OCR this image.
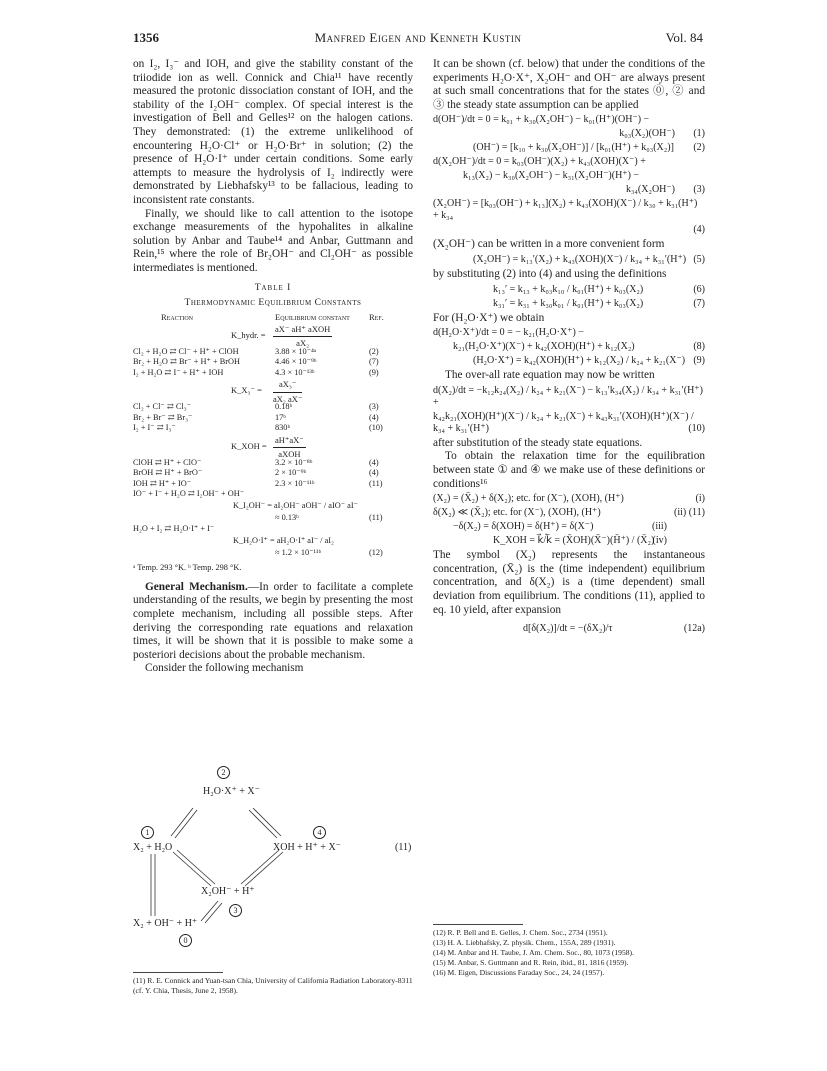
1356	Manfred Eigen and Kenneth Kustin	Vol. 84

on I₂, I₃⁻ and IOH, and give the stability constant of the triiodide ion as well. Connick and Chia¹¹ have recently measured the protonic dissociation constant of IOH, and the stability of the I₂OH⁻ complex. Of special interest is the investigation of Bell and Gelles¹² on the halogen cations. They demonstrated: (1) the extreme unlikelihood of encountering H₂O·Cl⁺ or H₂O·Br⁺ in solution; (2) the presence of H₂O·I⁺ under certain conditions. Some early attempts to measure the hydrolysis of I₂ indirectly were demonstrated by Liebhafsky¹³ to be fallacious, leading to inconsistent rate constants.

Finally, we should like to call attention to the isotope exchange measurements of the hypohalites in alkaline solution by Anbar and Taube¹⁴ and Anbar, Guttmann and Rein,¹⁵ where the role of Br₂OH⁻ and Cl₂OH⁻ as possible intermediates is mentioned.

Table I
Thermodynamic Equilibrium Constants
Reaction	Equilibrium constant Ref.
K_hydr. =
aX⁻ aH⁺ aXOH
aX₂
Cl₂ + H₂O ⇄ Cl⁻ + H⁺ + ClOH	3.88 × 10⁻⁴ᵃ	(2)
Br₂ + H₂O ⇄ Br⁻ + H⁺ + BrOH	4.46 × 10⁻⁹ᵇ	(7)
I₂ + H₂O ⇄ I⁻ + H⁺ + IOH	4.3 × 10⁻¹³ᵇ	(9)
K_X₃⁻ = $\frac{\text{aX₃⁻}}{\text{aX₂ aX⁻}}$
Cl₂ + Cl⁻ ⇄ Cl₃⁻	0.18ᵇ	(3)
Br₂ + Br⁻ ⇄ Br₃⁻	17ᵇ	(4)
I₂ + I⁻ ⇄ I₃⁻	830ᵇ	(10)
K_XOH =
aH⁺aX⁻
aXOH
ClOH ⇄ H⁺ + ClO⁻	3.2 × 10⁻⁸ᵇ	(4)
BrOH ⇄ H⁺ + BrO⁻	2 × 10⁻⁹ᵇ	(4)
IOH ⇄ H⁺ + IO⁻	2.3 × 10⁻¹¹ᵇ	(11)
IO⁻ + I⁻ + H₂O ⇄ I₂OH⁻ + OH⁻
K_I₂OH⁻ = aI₂OH⁻ aOH⁻ / aIO⁻ aI⁻
≈ 0.13ᵇ	(11)
H₂O + I₂ ⇄ H₂O·I⁺ + I⁻
K_H₂O·I⁺ = aH₂O·I⁺ aI⁻ / aI₂
≈ 1.2 × 10⁻¹¹ᵇ	(12)
ᵃ Temp. 293 °K. ᵇ Temp. 298 °K.

General Mechanism.—In order to facilitate a complete understanding of the results, we begin by presenting the most complete mechanism, including all possible steps. After deriving the corresponding rate equations and relaxation times, it will be shown that it is possible to make some a posteriori decisions about the probable mechanism.

Consider the following mechanism

2
H₂O·X⁺ + X⁻
1	4
X₂ + H₂O	XOH + H⁺ + X⁻	(11)
X₂OH⁻ + H⁺
3
X₂ + OH⁻ + H⁺
0
(11) R. E. Connick and Yuan-tsan Chia, University of California Radiation Laboratory-8311 (cf. Y. Chia, Thesis, June 2, 1958).

It can be shown (cf. below) that under the conditions of the experiments H₂O·X⁺, X₂OH⁻ and OH⁻ are always present at such small concentrations that for the states ⓪, ② and ③ the steady state assumption can be applied

d(OH⁻)/dt = 0 = k₀₁ + k₃₀(X₂OH⁻) − k₀₁(H⁺)(OH⁻) −
k₀₃(X₂)(OH⁻) (1)
(OH⁻) = [k₁₀ + k₃₀(X₂OH⁻)] / [k₀₁(H⁺) + k₀₃(X₂)] (2)
d(X₂OH⁻)/dt = 0 = k₀₃(OH⁻)(X₂) + k₄₃(XOH)(X⁻) +
k₁₃(X₂) − k₃₀(X₂OH⁻) − k₃₁(X₂OH⁻)(H⁺) −
k₃₄(X₂OH⁻) (3)
(X₂OH⁻) = [k₀₃(OH⁻) + k₁₃](X₂) + k₄₃(XOH)(X⁻) / k₃₀ + k₃₁(H⁺) + k₃₄
(4)

(X₂OH⁻) can be written in a more convenient form

(X₂OH⁻) = k₁₃′(X₂) + k₄₃(XOH)(X⁻) / k₃₄ + k₃₁′(H⁺) (5)

by substituting (2) into (4) and using the definitions

k₁₃′ = k₁₃ + k₀₃k₁₀ / k₀₁(H⁺) + k₀₃(X₂)	(6)
k₃₁′ = k₃₁ + k₃₀k₀₁ / k₀₁(H⁺) + k₀₃(X₂)	(7)

For (H₂O·X⁺) we obtain

d(H₂O·X⁺)/dt = 0 = − k₂₁(H₂O·X⁺) −
k₂₁(H₂O·X⁺)(X⁻) + k₄₂(XOH)(H⁺) + k₁₂(X₂)	(8)
(H₂O·X⁺) = k₄₂(XOH)(H⁺) + k₁₂(X₂) / k₂₄ + k₂₁(X⁻) (9)

The over-all rate equation may now be written

d(X₂)/dt = −k₁₂k₂₄(X₂) / k₂₄ + k₂₁(X⁻) − k₁₃′k₃₄(X₂) / k₃₄ + k₃₁′(H⁺) +
k₄₂k₂₁(XOH)(H⁺)(X⁻) / k₂₄ + k₂₁(X⁻) + k₄₃k₃₁′(XOH)(H⁺)(X⁻) / k₃₄ + k₃₁′(H⁺)	(10)

after substitution of the steady state equations.

To obtain the relaxation time for the equilibration between state ① and ④ we make use of these definitions or conditions¹⁶

(X₂) = (X̄₂) + δ(X₂); etc. for (X⁻), (XOH), (H⁺)	(i)
δ(X₂) ≪ (X̄₂); etc. for (X⁻), (XOH), (H⁺)	(ii) (11)
−δ(X₂) = δ(XOH) = δ(H⁺) = δ(X⁻)	(iii)
K_XOH = k⃗/k⃖ = (X̄OH)(X̄⁻)(H̄⁺) / (X̄₂)
(iv)

The symbol (X₂) represents the instantaneous concentration, (X̄₂) is the (time independent) equilibrium concentration, and δ(X₂) is a (time dependent) small deviation from equilibrium. The conditions (11), applied to eq. 10 yield, after expansion

d[δ(X₂)]/dt = −(δX₂)/τ	(12a)
(12) R. P. Bell and E. Gelles, J. Chem. Soc., 2734 (1951).
(13) H. A. Liebhafsky, Z. physik. Chem., 155A, 289 (1931).
(14) M. Anbar and H. Taube, J. Am. Chem. Soc., 80, 1073 (1958).
(15) M. Anbar, S. Guttmann and R. Rein, ibid., 81, 1816 (1959).
(16) M. Eigen, Discussions Faraday Soc., 24, 24 (1957).
